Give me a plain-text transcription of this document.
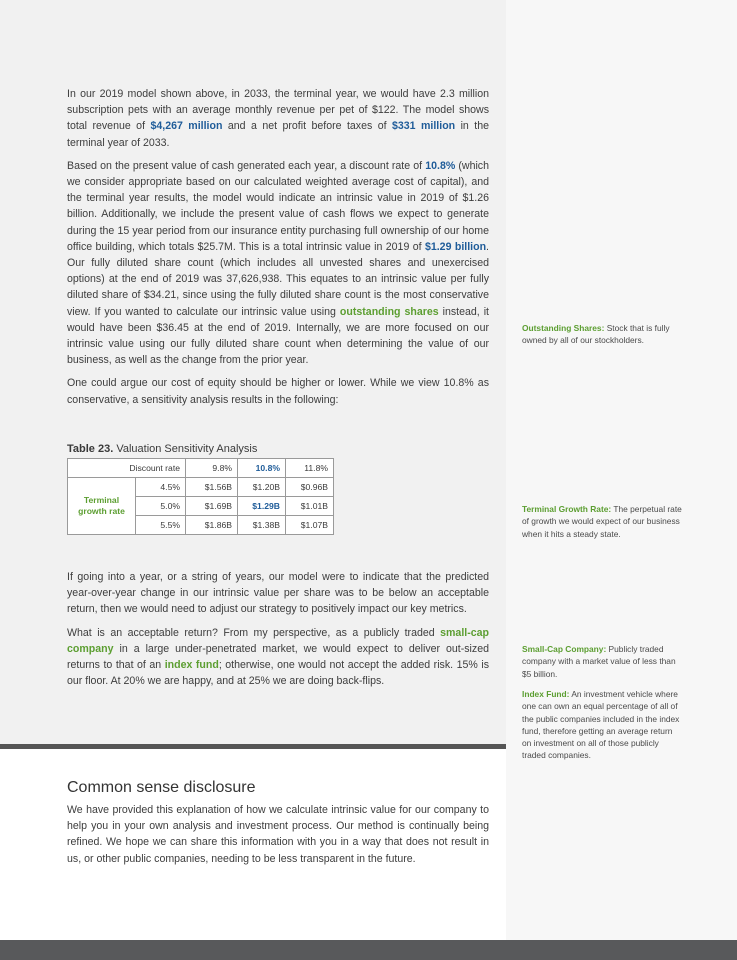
In our 2019 model shown above, in 2033, the terminal year, we would have 2.3 million subscription pets with an average monthly revenue per pet of $122. The model shows total revenue of $4,267 million and a net profit before taxes of $331 million in the terminal year of 2033.

Based on the present value of cash generated each year, a discount rate of 10.8% (which we consider appropriate based on our calculated weighted average cost of capital), and the terminal year results, the model would indicate an intrinsic value in 2019 of $1.26 billion. Additionally, we include the present value of cash flows we expect to generate during the 15 year period from our insurance entity purchasing full ownership of our home office building, which totals $25.7M. This is a total intrinsic value in 2019 of $1.29 billion. Our fully diluted share count (which includes all unvested shares and unexercised options) at the end of 2019 was 37,626,938. This equates to an intrinsic value per fully diluted share of $34.21, since using the fully diluted share count is the most conservative view. If you wanted to calculate our intrinsic value using outstanding shares instead, it would have been $36.45 at the end of 2019. Internally, we are more focused on our intrinsic value using our fully diluted share count when determining the value of our business, as well as the change from the prior year.

One could argue our cost of equity should be higher or lower. While we view 10.8% as conservative, a sensitivity analysis results in the following:

Table 23. Valuation Sensitivity Analysis
Discount rate		9.8%	10.8%	11.8%
Terminal growth rate	4.5%	$1.56B	$1.20B	$0.96B
	5.0%	$1.69B	$1.29B	$1.01B
	5.5%	$1.86B	$1.38B	$1.07B

If going into a year, or a string of years, our model were to indicate that the predicted year-over-year change in our intrinsic value per share was to be below an acceptable return, then we would need to adjust our strategy to positively impact our key metrics.

What is an acceptable return? From my perspective, as a publicly traded small-cap company in a large under-penetrated market, we would expect to deliver out-sized returns to that of an index fund; otherwise, one would not accept the added risk. 15% is our floor. At 20% we are happy, and at 25% we are doing back-flips.

Outstanding Shares: Stock that is fully owned by all of our stockholders.
Terminal Growth Rate: The perpetual rate of growth we would expect of our business when it hits a steady state.
Small-Cap Company: Publicly traded company with a market value of less than $5 billion.
Index Fund: An investment vehicle where one can own an equal percentage of all of the public companies included in the index fund, therefore getting an average return on investment on all of those publicly traded companies.
Common sense disclosure

We have provided this explanation of how we calculate intrinsic value for our company to help you in your own analysis and investment process. Our method is continually being refined. We hope we can share this information with you in a way that does not result in us, or other public companies, needing to be less transparent in the future.
